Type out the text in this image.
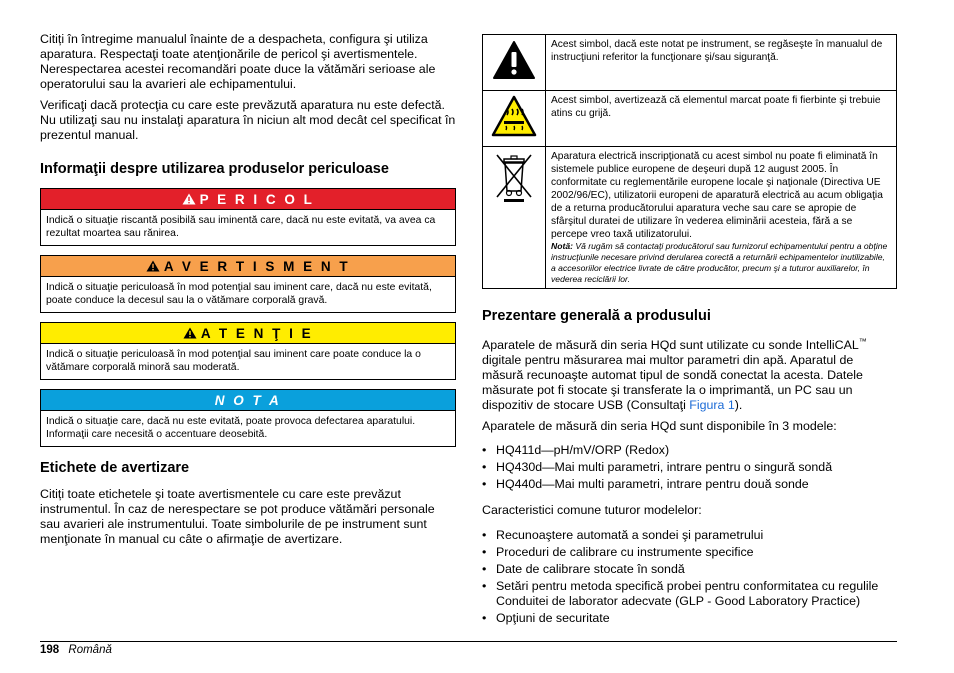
Citiți în întregime manualul înainte de a despacheta, configura şi utiliza aparatura. Respectaţi toate atenţionările de pericol şi avertismentele. Nerespectarea acestei recomandări poate duce la vătămări serioase ale operatorului sau la avarieri ale echipamentului.

Verificaţi dacă protecţia cu care este prevăzută aparatura nu este defectă. Nu utilizaţi sau nu instalaţi aparatura în niciun alt mod decât cel specificat în prezentul manual.

Informaţii despre utilizarea produselor periculoase
P E R I C O L
Indică o situaţie riscantă posibilă sau iminentă care, dacă nu este evitată, va avea ca rezultat moartea sau rănirea.
A V E R T I S M E N T
Indică o situaţie periculoasă în mod potenţial sau iminent care, dacă nu este evitată, poate conduce la decesul sau la o vătămare corporală gravă.
A T E N Ţ I E
Indică o situaţie periculoasă în mod potenţial sau iminent care poate conduce la o vătămare corporală minoră sau moderată.
N O T A
Indică o situaţie care, dacă nu este evitată, poate provoca defectarea aparatului. Informaţii care necesită o accentuare deosebită.
Etichete de avertizare

Citiți toate etichetele şi toate avertismentele cu care este prevăzut instrumentul. În caz de nerespectare se pot produce vătămări personale sau avarieri ale instrumentului. Toate simbolurile de pe instrument sunt menţionate în manual cu câte o afirmaţie de avertizare.

	Acest simbol, dacă este notat pe instrument, se regăseşte în manualul de instrucţiuni referitor la funcţionare şi/sau siguranţă.
	Acest simbol, avertizează că elementul marcat poate fi fierbinte şi trebuie atins cu grijă.

Aparatura electrică inscripţionată cu acest simbol nu poate fi eliminată în sistemele publice europene de deşeuri după 12 august 2005. În conformitate cu reglementările europene locale şi naţionale (Directiva UE 2002/96/EC), utilizatorii europeni de aparatură electrică au acum obligaţia de a returna producătorului aparatura veche sau care se apropie de sfârşitul duratei de utilizare în vederea eliminării acesteia, fără a se percepe vreo taxă utilizatorului.
Notă: Vă rugăm să contactaţi producătorul sau furnizorul echipamentului pentru a obţine instrucţiunile necesare privind derularea corectă a returnării echipamentelor inutilizabile, a accesoriilor electrice livrate de către producător, precum şi a tuturor auxiliarelor, în vederea reciclării lor.
Prezentare generală a produsului

Aparatele de măsură din seria HQd sunt utilizate cu sonde IntelliCAL™ digitale pentru măsurarea mai multor parametri din apă. Aparatul de măsură recunoaşte automat tipul de sondă conectat la acesta. Datele măsurate pot fi stocate şi transferate la o imprimantă, un PC sau un dispozitiv de stocare USB (Consultaţi Figura 1).

Aparatele de măsură din seria HQd sunt disponibile în 3 modele:

• HQ411d—pH/mV/ORP (Redox)
• HQ430d—Mai multi parametri, intrare pentru o singură sondă
• HQ440d—Mai multi parametri, intrare pentru două sonde

Caracteristici comune tuturor modelelor:

• Recunoaştere automată a sondei şi parametrului
• Proceduri de calibrare cu instrumente specifice
• Date de calibrare stocate în sondă
• Setări pentru metoda specifică probei pentru conformitatea cu regulile Conduitei de laborator adecvate (GLP - Good Laboratory Practice)
• Opţiuni de securitate
198 Română
